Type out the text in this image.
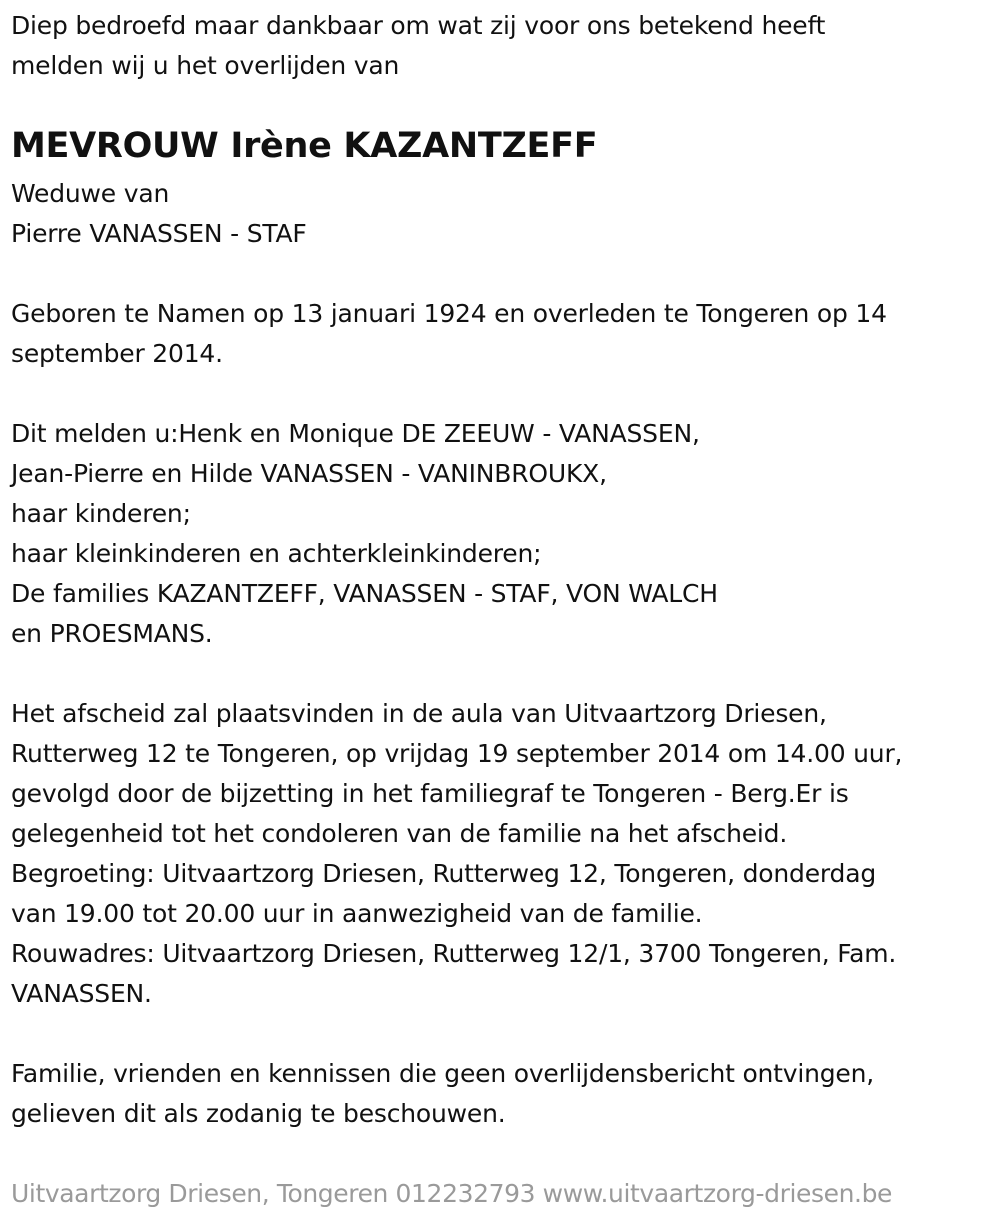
Diep bedroefd maar dankbaar om wat zij voor ons betekend heeft
melden wij u het overlijden van
MEVROUW Irène KAZANTZEFF
Weduwe van
Pierre VANASSEN - STAF
Geboren te Namen op 13 januari 1924 en overleden te Tongeren op 14
september 2014.
Dit melden u:Henk en Monique DE ZEEUW - VANASSEN,
Jean-Pierre en Hilde VANASSEN - VANINBROUKX,
haar kinderen;
haar kleinkinderen en achterkleinkinderen;
De families KAZANTZEFF, VANASSEN - STAF, VON WALCH
en PROESMANS.
Het afscheid zal plaatsvinden in de aula van Uitvaartzorg Driesen,
Rutterweg 12 te Tongeren, op vrijdag 19 september 2014 om 14.00 uur,
gevolgd door de bijzetting in het familiegraf te Tongeren - Berg.Er is
gelegenheid tot het condoleren van de familie na het afscheid.
Begroeting: Uitvaartzorg Driesen, Rutterweg 12, Tongeren, donderdag
van 19.00 tot 20.00 uur in aanwezigheid van de familie.
Rouwadres: Uitvaartzorg Driesen, Rutterweg 12/1, 3700 Tongeren, Fam.
VANASSEN.
Familie, vrienden en kennissen die geen overlijdensbericht ontvingen,
gelieven dit als zodanig te beschouwen.
Uitvaartzorg Driesen, Tongeren 012232793 www.uitvaartzorg-driesen.be
